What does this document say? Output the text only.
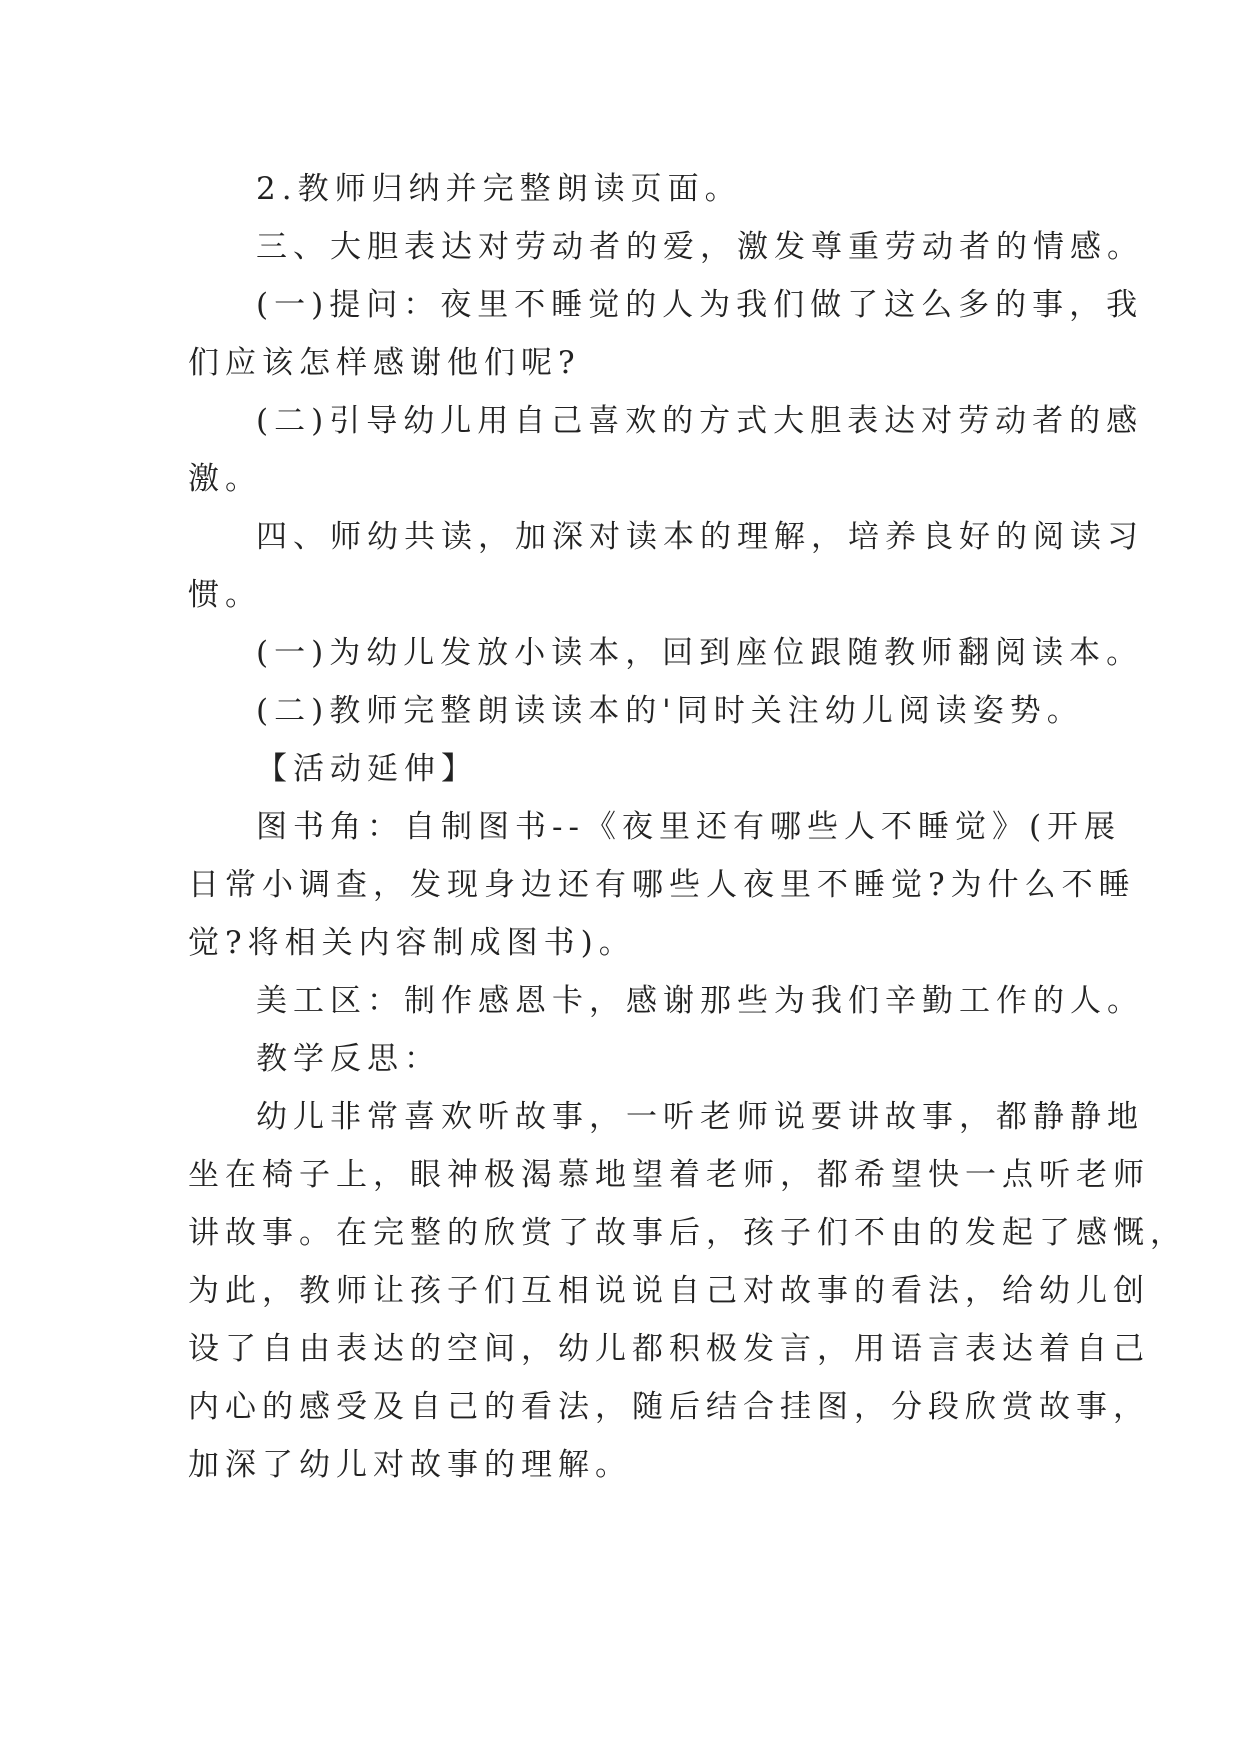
2.教师归纳并完整朗读页面。

三、大胆表达对劳动者的爱，激发尊重劳动者的情感。

(一)提问：夜里不睡觉的人为我们做了这么多的事，我

们应该怎样感谢他们呢?

(二)引导幼儿用自己喜欢的方式大胆表达对劳动者的感

激。

四、师幼共读，加深对读本的理解，培养良好的阅读习

惯。

(一)为幼儿发放小读本，回到座位跟随教师翻阅读本。

(二)教师完整朗读读本的'同时关注幼儿阅读姿势。

【活动延伸】

图书角：自制图书--《夜里还有哪些人不睡觉》(开展

日常小调查，发现身边还有哪些人夜里不睡觉?为什么不睡

觉?将相关内容制成图书)。

美工区：制作感恩卡，感谢那些为我们辛勤工作的人。

教学反思：

幼儿非常喜欢听故事，一听老师说要讲故事，都静静地

坐在椅子上，眼神极渴慕地望着老师，都希望快一点听老师

讲故事。在完整的欣赏了故事后，孩子们不由的发起了感慨，

为此，教师让孩子们互相说说自己对故事的看法，给幼儿创

设了自由表达的空间，幼儿都积极发言，用语言表达着自己

内心的感受及自己的看法，随后结合挂图，分段欣赏故事，

加深了幼儿对故事的理解。
